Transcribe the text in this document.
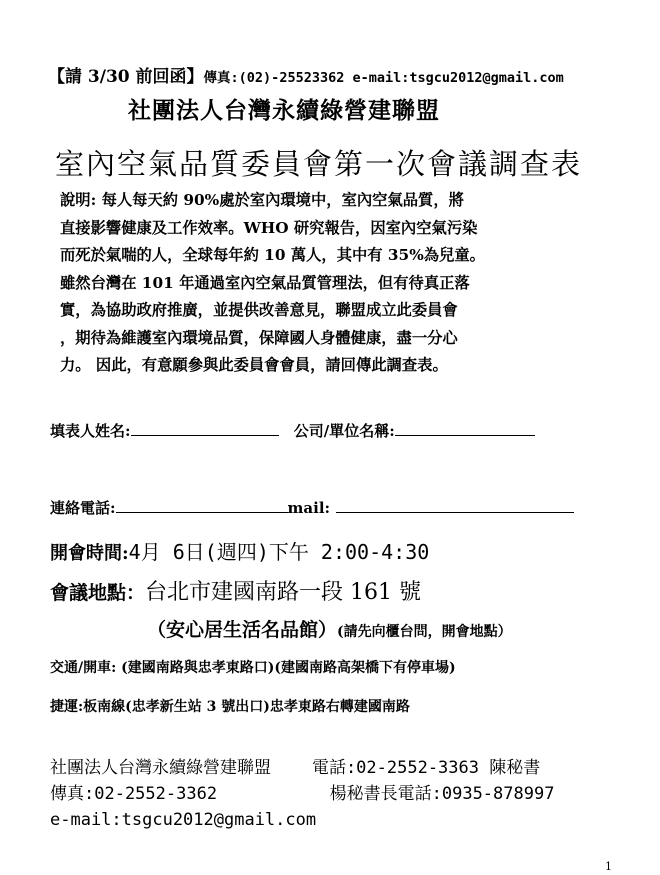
【請 3/30 前回函】傳真:(02)-25523362 e-mail:tsgcu2012@gmail.com
社團法人台灣永續綠營建聯盟
室內空氣品質委員會第一次會議調查表
說明: 每人每天約 90%處於室內環境中，室內空氣品質，將
直接影響健康及工作效率。WHO 研究報告，因室內空氣污染
而死於氣喘的人，全球每年約 10 萬人，其中有 35%為兒童。
雖然台灣在 101 年通過室內空氣品質管理法，但有待真正落
實，為協助政府推廣，並提供改善意見，聯盟成立此委員會
，期待為維護室內環境品質，保障國人身體健康，盡一分心
力。 因此，有意願參與此委員會會員，請回傳此調查表。
填表人姓名:	公司/單位名稱:
連絡電話:	mail:
開會時間:4月 6日(週四)下午 2:00-4:30
會議地點：台北市建國南路一段 161 號
（安心居生活名品館）(請先向櫃台問，開會地點）
交通/開車: (建國南路與忠孝東路口)(建國南路高架橋下有停車場)
捷運:板南線(忠孝新生站 3 號出口)忠孝東路右轉建國南路
社團法人台灣永續綠營建聯盟    電話:02-2552-3363 陳秘書
傳真:02-2552-3362           楊秘書長電話:0935-878997
e-mail:tsgcu2012@gmail.com
1
